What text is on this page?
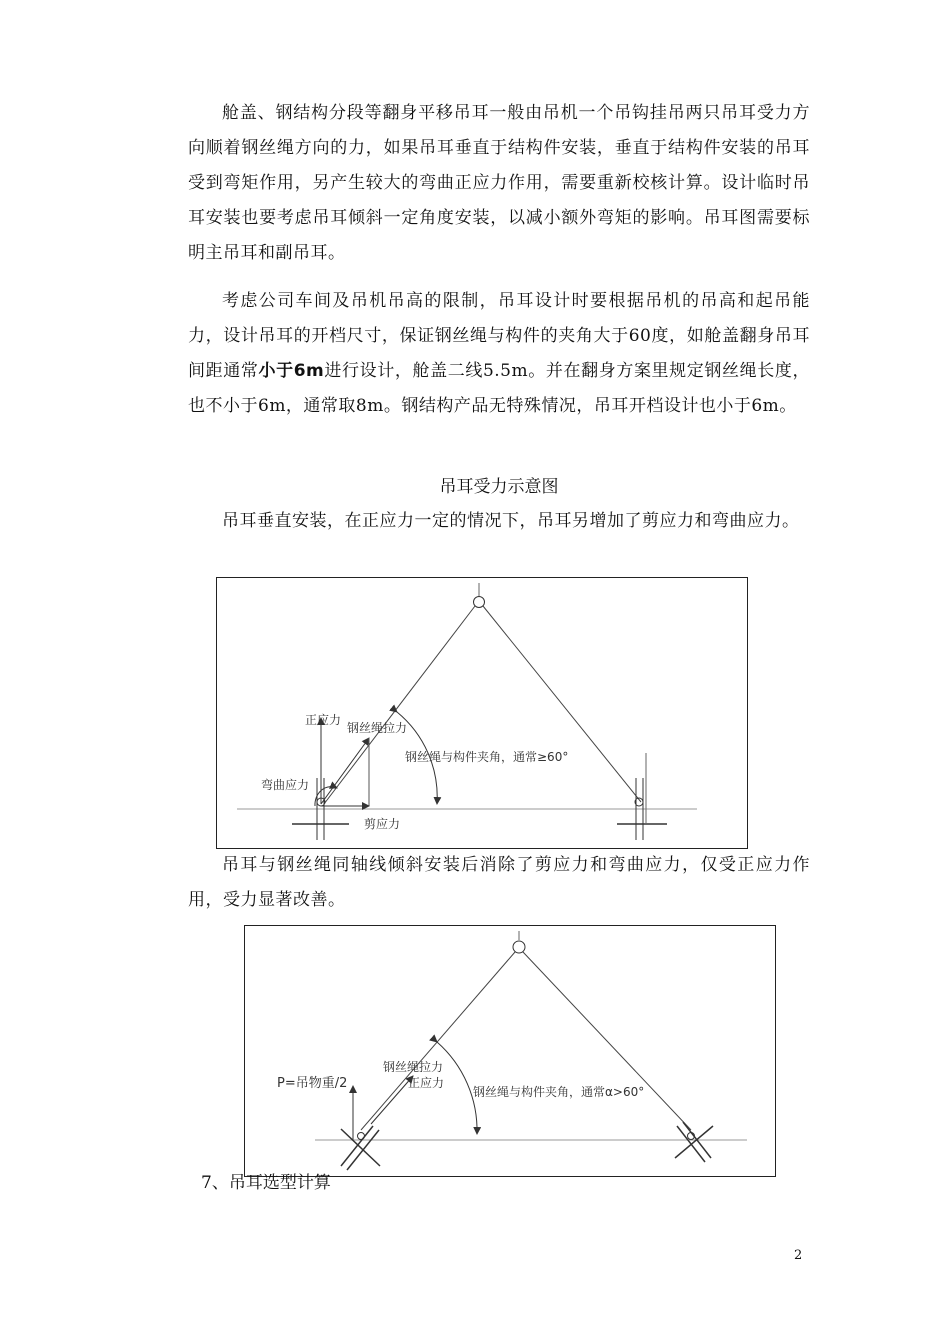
舱盖、钢结构分段等翻身平移吊耳一般由吊机一个吊钩挂吊两只吊耳受力方向顺着钢丝绳方向的力，如果吊耳垂直于结构件安装，垂直于结构件安装的吊耳受到弯矩作用，另产生较大的弯曲正应力作用，需要重新校核计算。设计临时吊耳安装也要考虑吊耳倾斜一定角度安装，以减小额外弯矩的影响。吊耳图需要标明主吊耳和副吊耳。

考虑公司车间及吊机吊高的限制，吊耳设计时要根据吊机的吊高和起吊能力，设计吊耳的开档尺寸，保证钢丝绳与构件的夹角大于60度，如舱盖翻身吊耳间距通常小于6m进行设计，舱盖二线5.5m。并在翻身方案里规定钢丝绳长度，也不小于6m，通常取8m。钢结构产品无特殊情况，吊耳开档设计也小于6m。

吊耳受力示意图

吊耳垂直安装，在正应力一定的情况下，吊耳另增加了剪应力和弯曲应力。

正应力
钢丝绳拉力
弯曲应力
剪应力
钢丝绳与构件夹角，通常≥60°

吊耳与钢丝绳同轴线倾斜安装后消除了剪应力和弯曲应力，仅受正应力作用，受力显著改善。

P=吊物重/2
钢丝绳拉力
正应力
钢丝绳与构件夹角，通常α>60°

7、吊耳选型计算

2
